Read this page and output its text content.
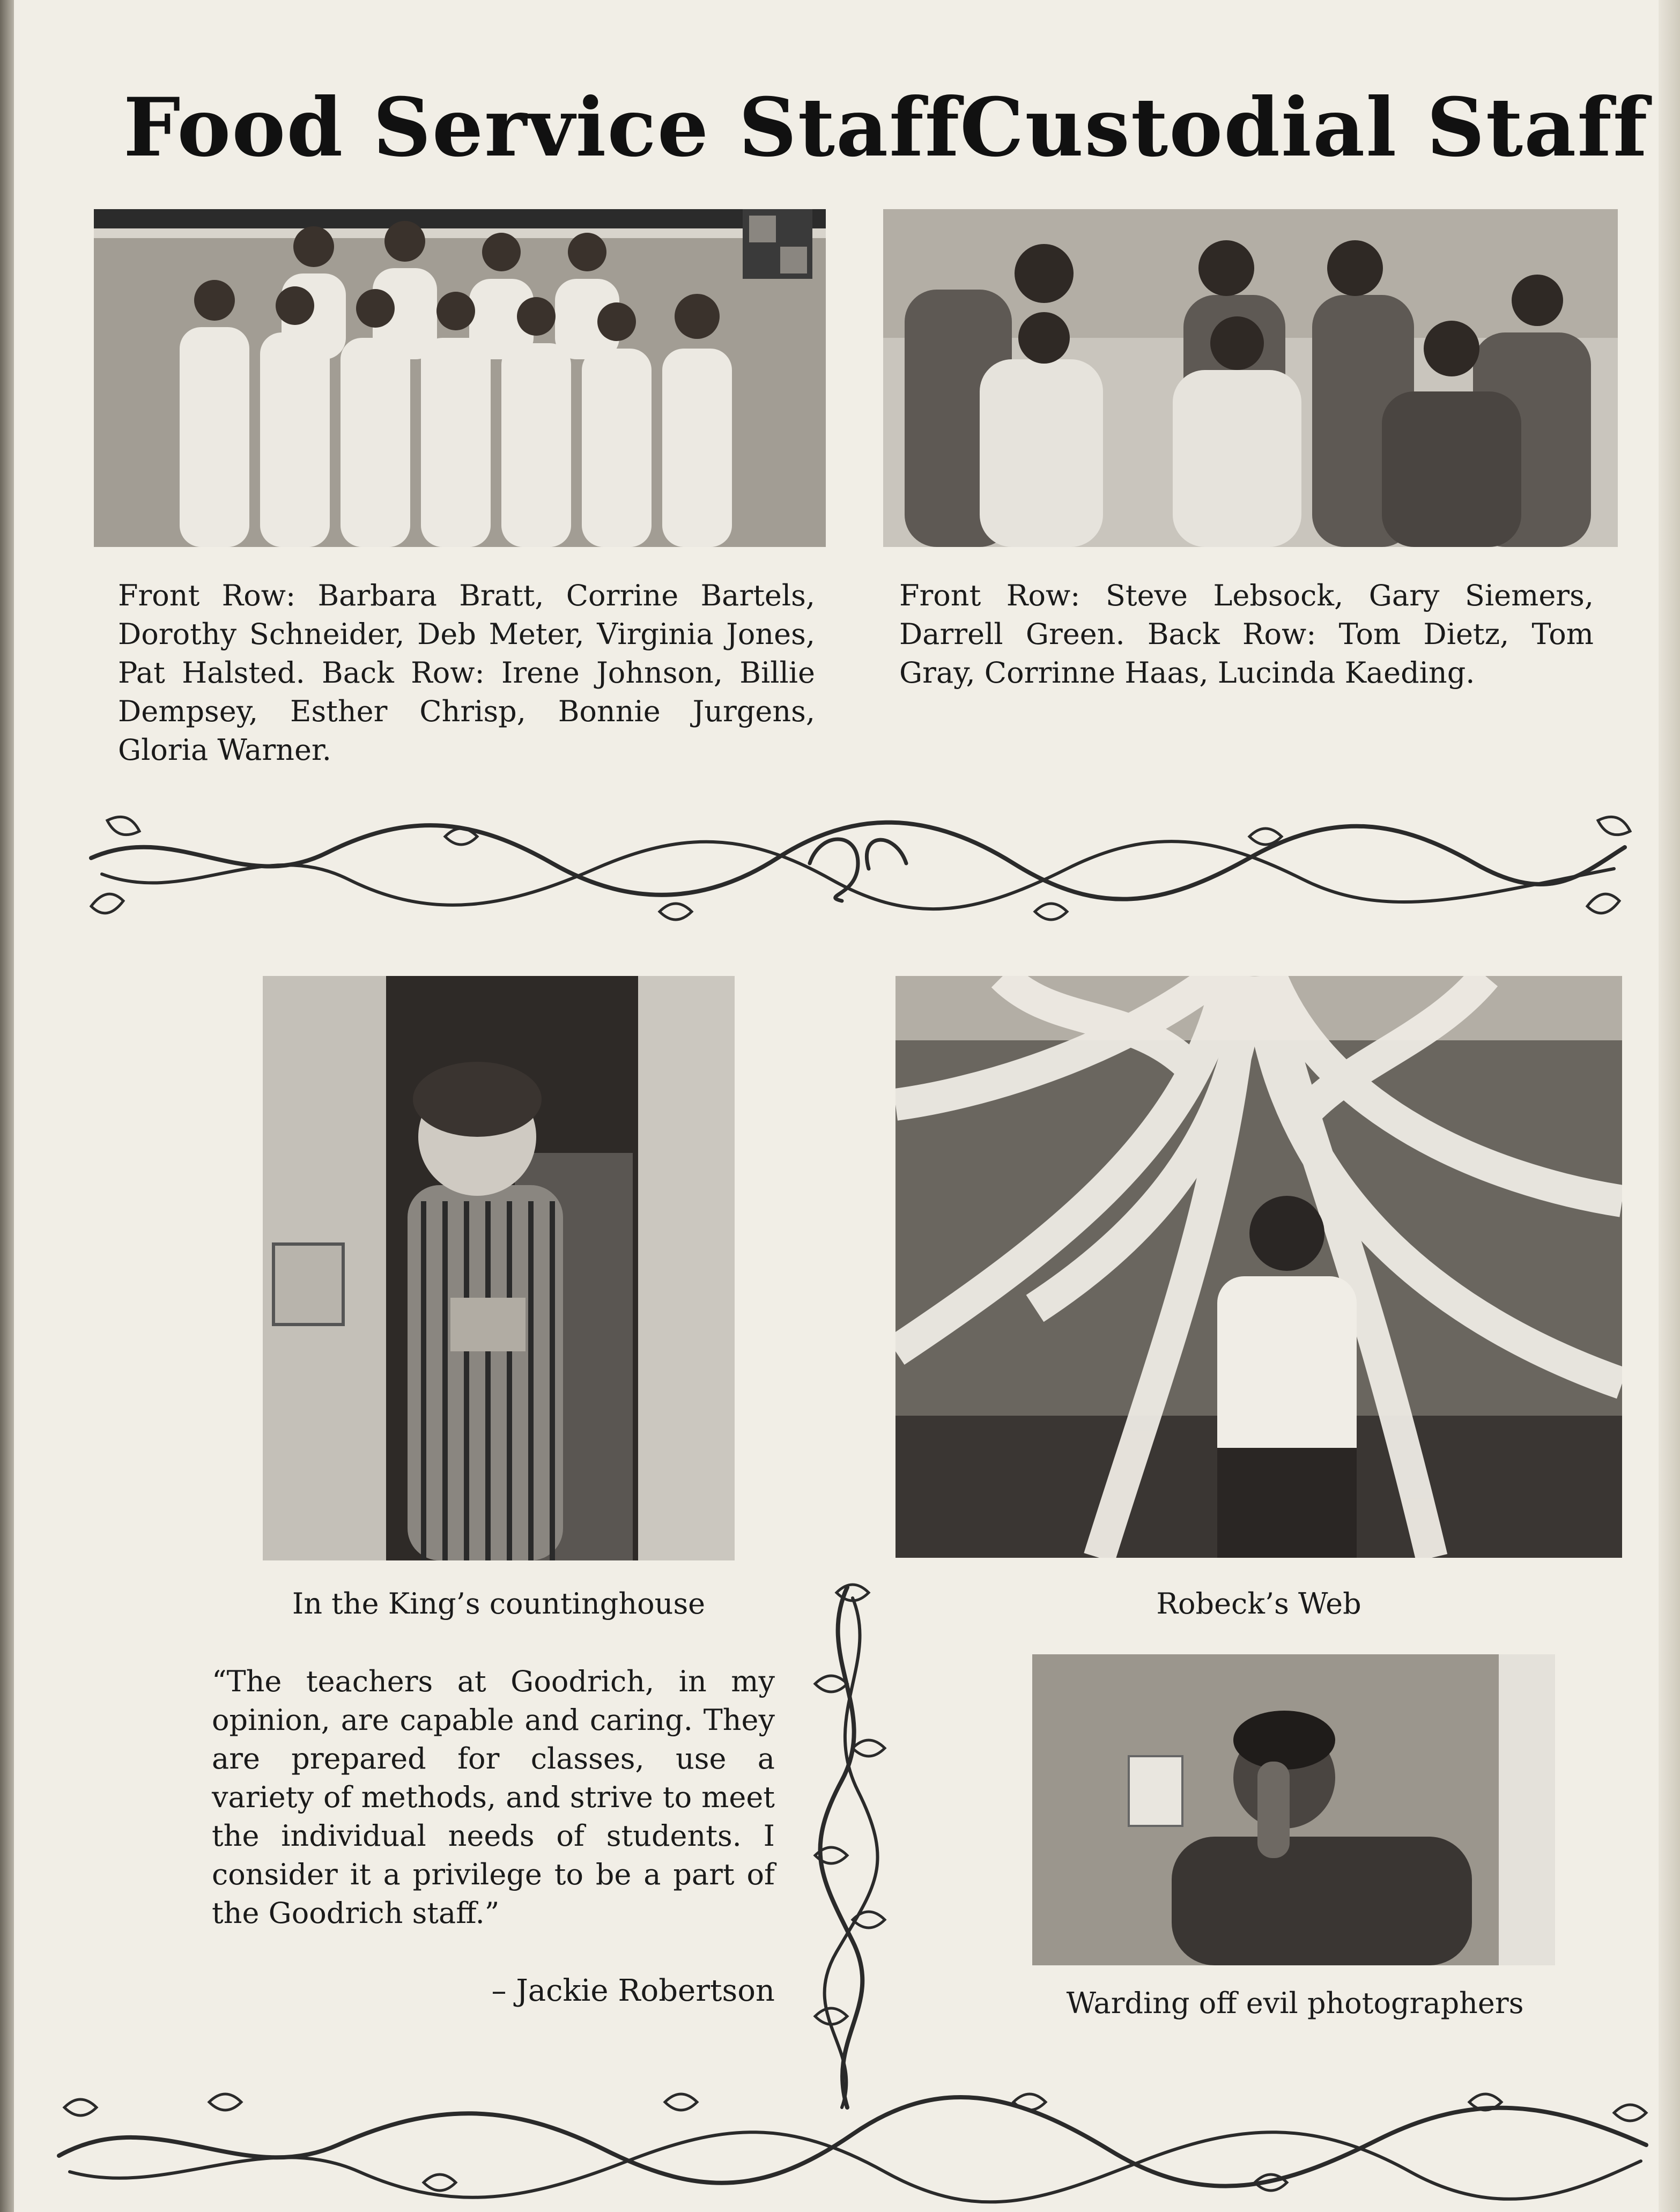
Food Service Staff
Custodial Staff

Front Row: Barbara Bratt, Corrine Bartels, Dorothy Schneider, Deb Meter, Virginia Jones, Pat Halsted. Back Row: Irene Johnson, Billie Dempsey, Esther Chrisp, Bonnie Jurgens, Gloria Warner.

Front Row: Steve Lebsock, Gary Siemers, Darrell Green. Back Row: Tom Dietz, Tom Gray, Corrinne Haas, Lucinda Kaeding.

In the King’s countinghouse	Robeck’s Web

“The teachers at Goodrich, in my opinion, are capable and caring. They are prepared for classes, use a variety of methods, and strive to meet the individual needs of students. I consider it a privilege to be a part of the Goodrich staff.”

– Jackie Robertson	Warding off evil photographers
